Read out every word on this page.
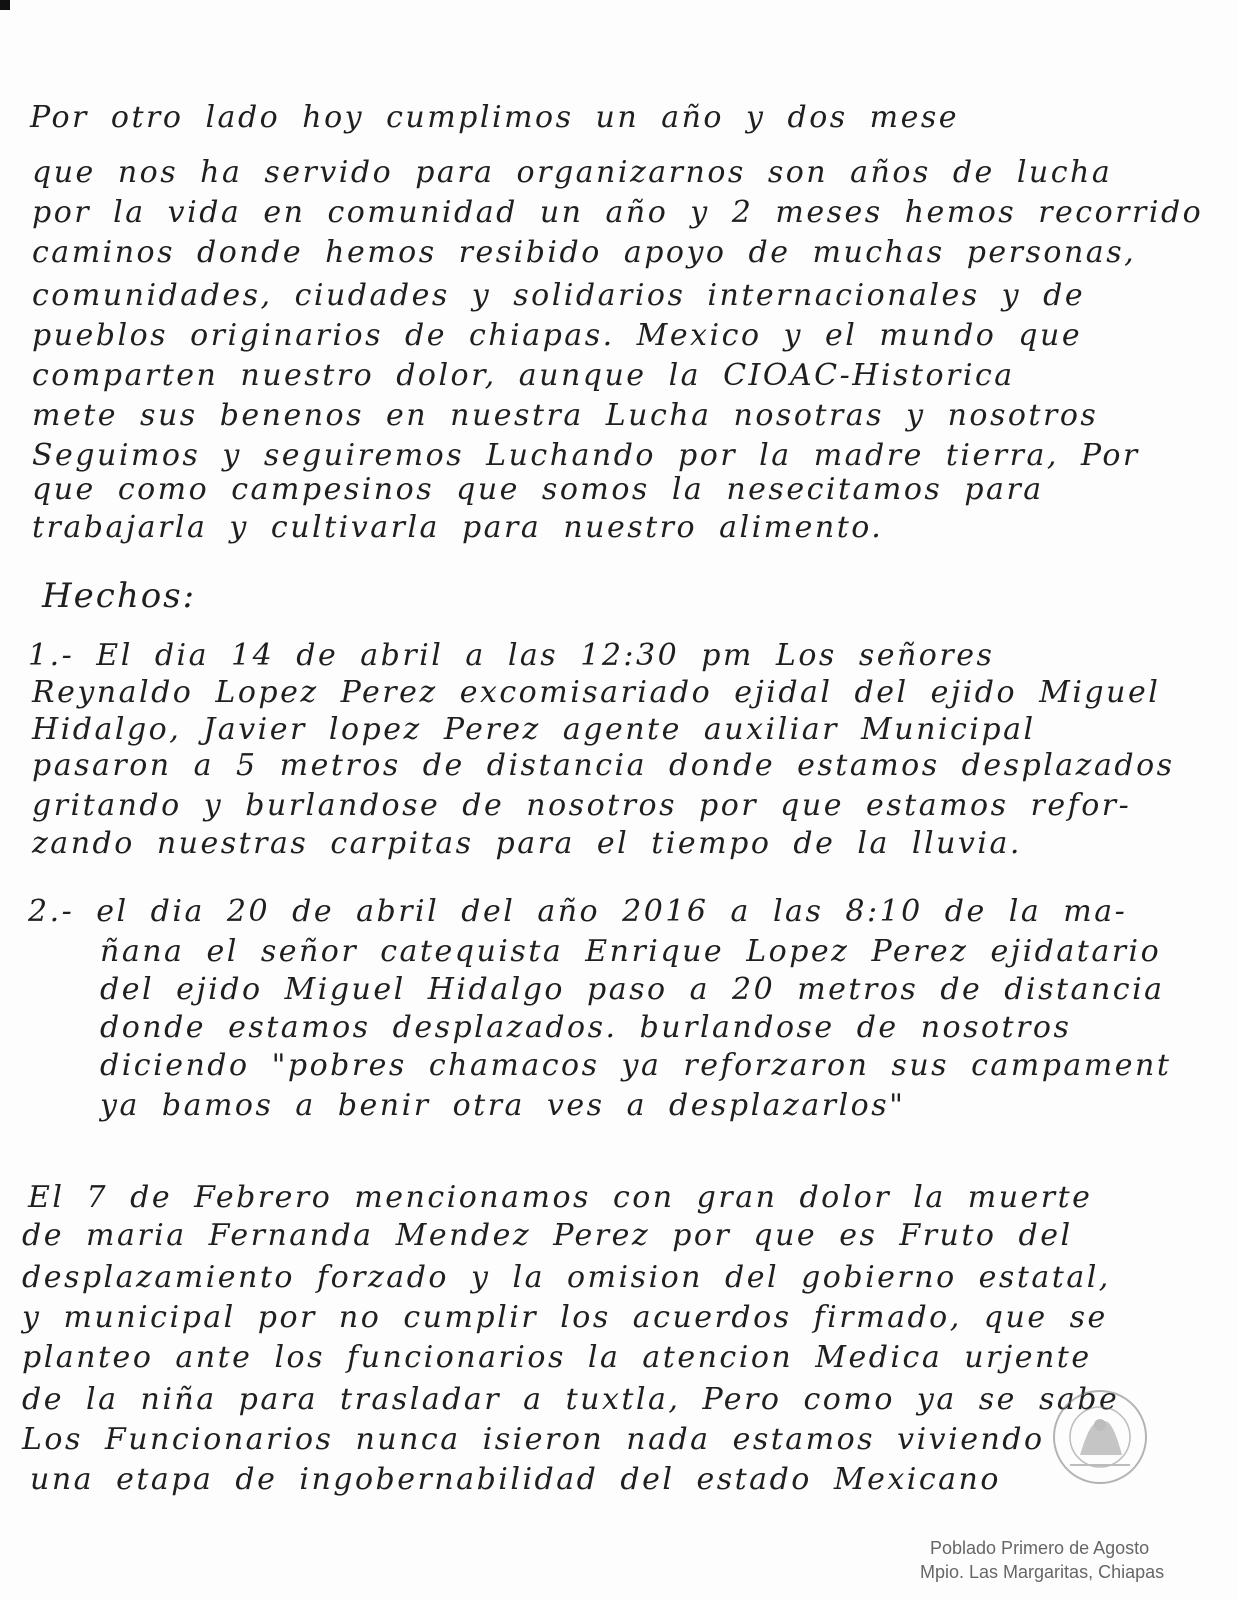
Por otro lado hoy cumplimos un año y dos mese
que nos ha servido para organizarnos son años de lucha
por la vida en comunidad un año y 2 meses hemos recorrido
caminos donde hemos resibido apoyo de muchas personas,
comunidades, ciudades y solidarios internacionales y de
pueblos originarios de chiapas. Mexico y el mundo que
comparten nuestro dolor, aunque la CIOAC-Historica
mete sus benenos en nuestra Lucha nosotras y nosotros
Seguimos y seguiremos Luchando por la madre tierra, Por
que como campesinos que somos la nesecitamos para
trabajarla y cultivarla para nuestro alimento.
Hechos:
1.- El dia 14 de abril a las 12:30 pm Los señores
Reynaldo Lopez Perez excomisariado ejidal del ejido Miguel
Hidalgo, Javier lopez Perez agente auxiliar Municipal
pasaron a 5 metros de distancia donde estamos desplazados
gritando y burlandose de nosotros por que estamos refor-
zando nuestras carpitas para el tiempo de la lluvia.
2.- el dia 20 de abril del año 2016 a las 8:10 de la ma-
ñana el señor catequista Enrique Lopez Perez ejidatario
del ejido Miguel Hidalgo paso a 20 metros de distancia
donde estamos desplazados. burlandose de nosotros
diciendo "pobres chamacos ya reforzaron sus campament
ya bamos a benir otra ves a desplazarlos"
El 7 de Febrero mencionamos con gran dolor la muerte
de maria Fernanda Mendez Perez por que es Fruto del
desplazamiento forzado y la omision del gobierno estatal,
y municipal por no cumplir los acuerdos firmado, que se
planteo ante los funcionarios la atencion Medica urjente
de la niña para trasladar a tuxtla, Pero como ya se sabe
Los Funcionarios nunca isieron nada estamos viviendo
una etapa de ingobernabilidad del estado Mexicano
Poblado Primero de Agosto
Mpio. Las Margaritas, Chiapas
